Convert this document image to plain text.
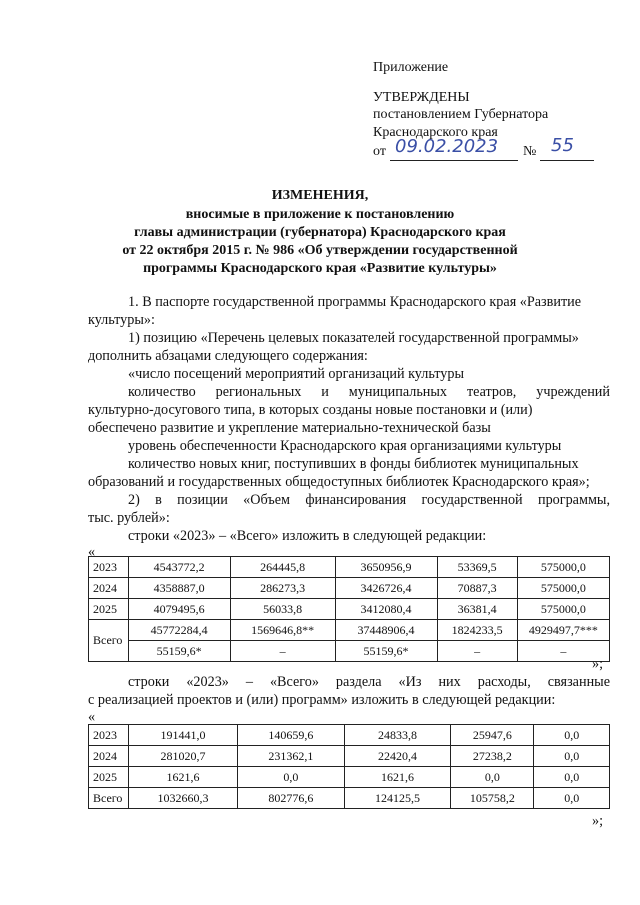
Приложение
УТВЕРЖДЕНЫ
постановлением Губернатора
Краснодарского края
от 09.02.2023 № 55
ИЗМЕНЕНИЯ,
вносимые в приложение к постановлению
главы администрации (губернатора) Краснодарского края
от 22 октября 2015 г. № 986 «Об утверждении государственной
программы Краснодарского края «Развитие культуры»
1. В паспорте государственной программы Краснодарского края «Развитие
культуры»:
1) позицию «Перечень целевых показателей государственной программы»
дополнить абзацами следующего содержания:
«число посещений мероприятий организаций культуры
количество региональных и муниципальных театров, учреждений
культурно-досугового типа, в которых созданы новые постановки и (или)
обеспечено развитие и укрепление материально-технической базы
уровень обеспеченности Краснодарского края организациями культуры
количество новых книг, поступивших в фонды библиотек муниципальных
образований и государственных общедоступных библиотек Краснодарского края»;
2) в позиции «Объем финансирования государственной программы,
тыс. рублей»:
строки «2023» – «Всего» изложить в следующей редакции:
«
2023	4543772,2	264445,8	3650956,9	53369,5	575000,0
2024	4358887,0	286273,3	3426726,4	70887,3	575000,0
2025	4079495,6	56033,8	3412080,4	36381,4	575000,0
Всего	45772284,4	1569646,8**	37448906,4	1824233,5	4929497,7***
	55159,6*	–	55159,6*	–	–
»;
строки «2023» – «Всего» раздела «Из них расходы, связанные
с реализацией проектов и (или) программ» изложить в следующей редакции:
«
2023	191441,0	140659,6	24833,8	25947,6	0,0
2024	281020,7	231362,1	22420,4	27238,2	0,0
2025	1621,6	0,0	1621,6	0,0	0,0
Всего	1032660,3	802776,6	124125,5	105758,2	0,0
»;
